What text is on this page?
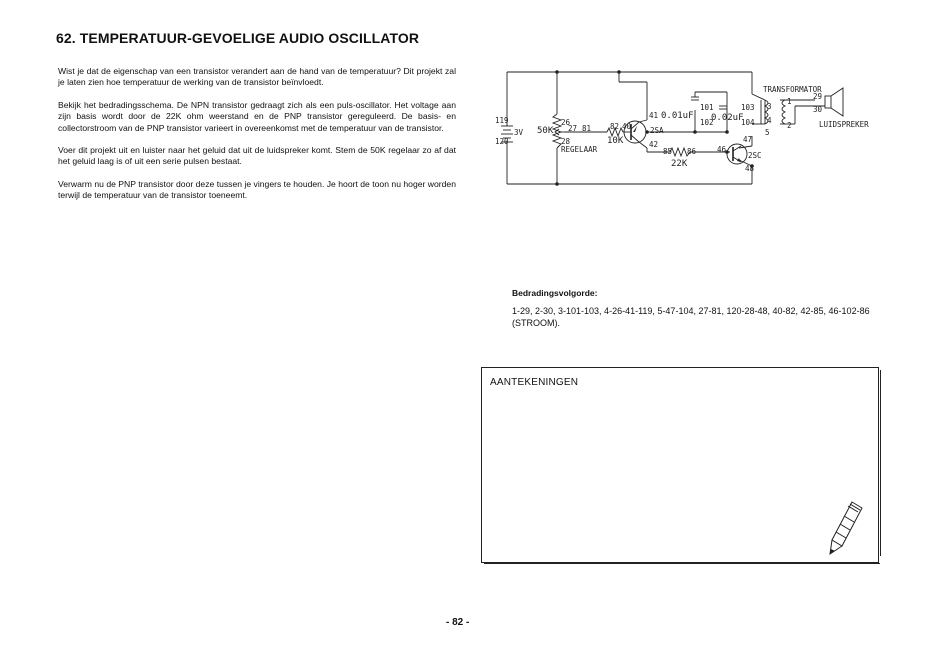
62. TEMPERATUUR-GEVOELIGE AUDIO OSCILLATOR

Wist je dat de eigenschap van een transistor verandert aan de hand van de temperatuur? Dit projekt zal je laten zien hoe temperatuur de werking van de transistor beïnvloedt.

Bekijk het bedradingsschema. De NPN transistor gedraagt zich als een puls-oscillator. Het voltage aan zijn basis wordt door de 22K ohm weerstand en de PNP transistor gereguleerd. De basis- en collectorstroom van de PNP transistor varieert in overeenkomst met de temperatuur van de transistor.

Voer dit projekt uit en luister naar het geluid dat uit de luidspreker komt. Stem de 50K regelaar zo af dat het geluid laag is of uit een serie pulsen bestaat.

Verwarm nu de PNP transistor door deze tussen je vingers te houden. Je hoort de toon nu hoger worden terwijl de temperatuur van de transistor toeneemt.

119
3V
120
50K
26
27 81	82 40
10K
28
REGELAAR
41 0.01uF
42
2SA
101
102
0.02uF
103
104
85 86
22K
46
2SC
47
48
TRANSFORMATOR
3
4
5
1
2
29
30
LUIDSPREKER
Bedradingsvolgorde:
1-29, 2-30, 3-101-103, 4-26-41-119, 5-47-104, 27-81, 120-28-48, 40-82, 42-85, 46-102-86 (STROOM).
AANTEKENINGEN
- 82 -
